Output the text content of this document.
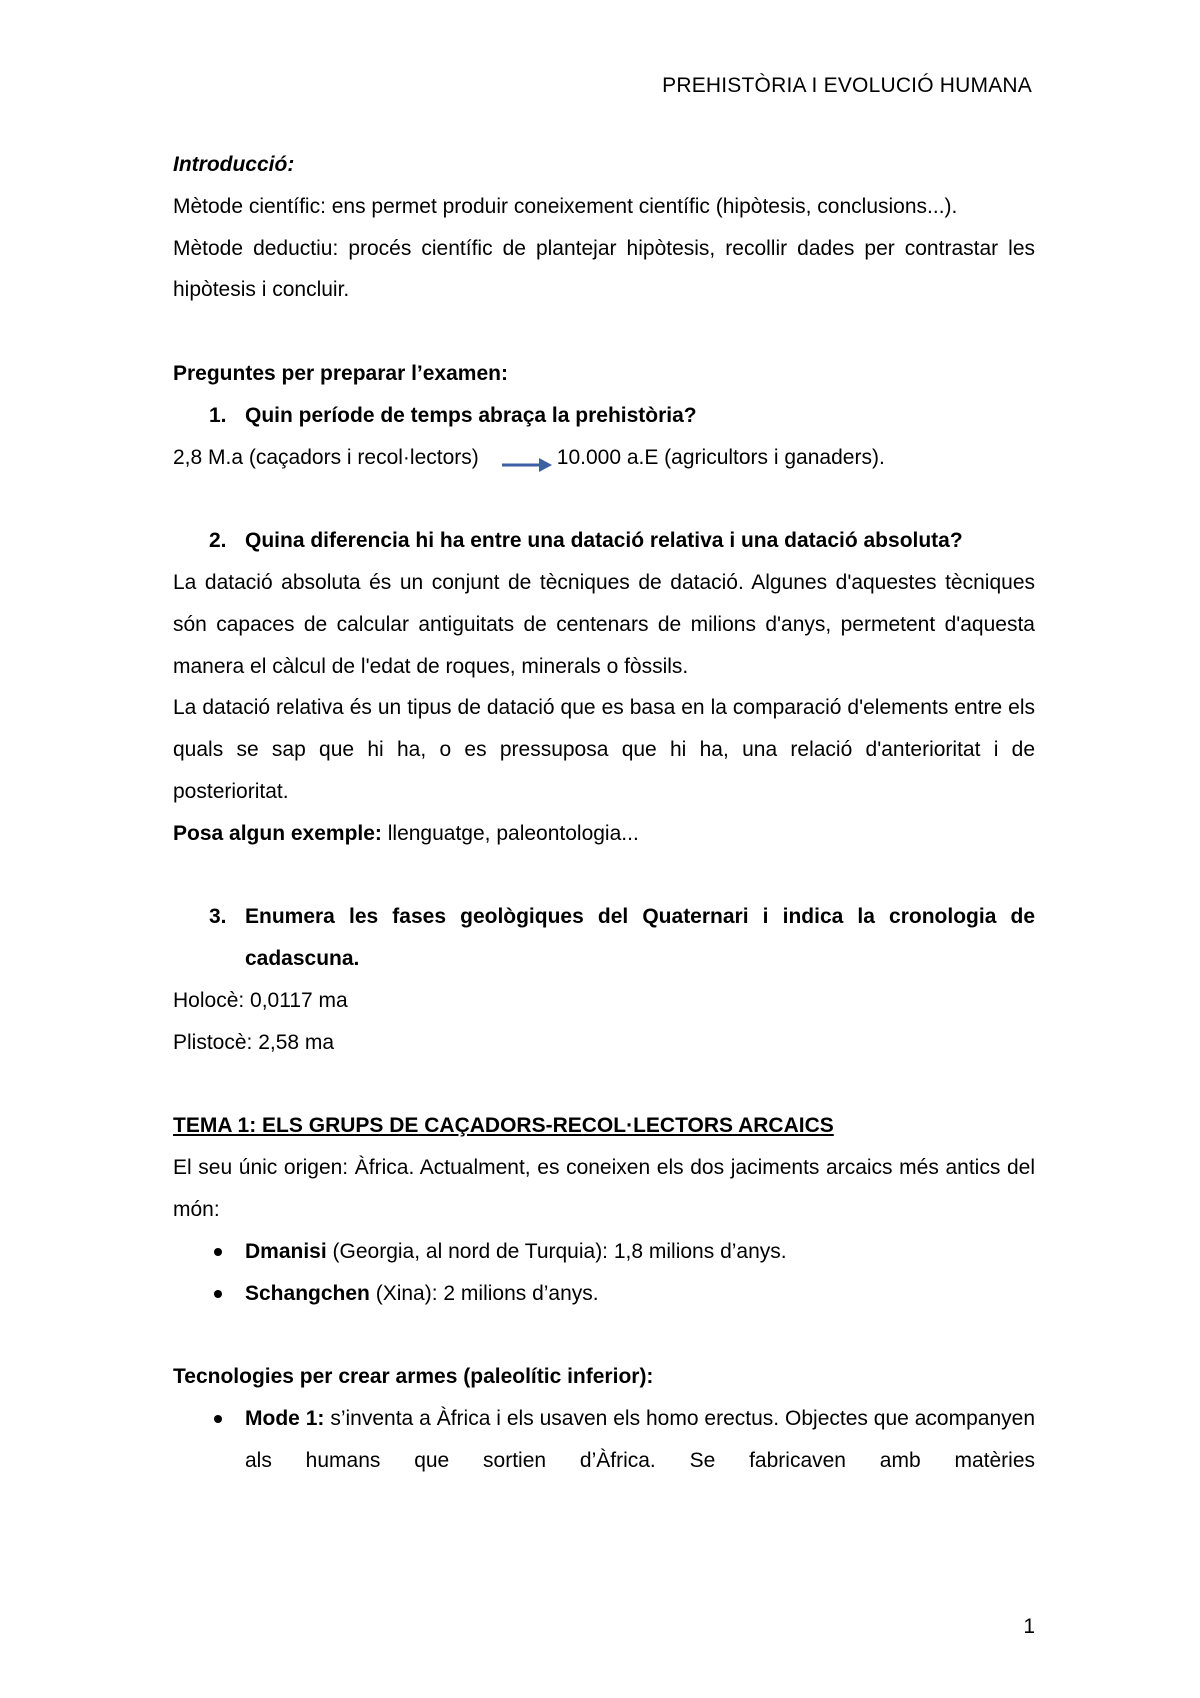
PREHISTÒRIA I EVOLUCIÓ HUMANA

Introducció:

Mètode científic: ens permet produir coneixement científic (hipòtesis, conclusions...).

Mètode deductiu: procés científic de plantejar hipòtesis, recollir dades per contrastar les hipòtesis i concluir.

Preguntes per preparar l’examen:

1. Quin període de temps abraça la prehistòria?

2,8 M.a (caçadors i recol·lectors)	10.000 a.E (agricultors i ganaders).

2. Quina diferencia hi ha entre una datació relativa i una datació absoluta?

La datació absoluta és un conjunt de tècniques de datació. Algunes d'aquestes tècniques són capaces de calcular antiguitats de centenars de milions d'anys, permetent d'aquesta manera el càlcul de l'edat de roques, minerals o fòssils.

La datació relativa és un tipus de datació que es basa en la comparació d'elements entre els quals se sap que hi ha, o es pressuposa que hi ha, una relació d'anterioritat i de posterioritat.

Posa algun exemple: llenguatge, paleontologia...

3. Enumera les fases geològiques del Quaternari i indica la cronologia de cadascuna.

Holocè: 0,0117 ma

Plistocè: 2,58 ma

TEMA 1: ELS GRUPS DE CAÇADORS-RECOL·LECTORS ARCAICS

El seu únic origen: Àfrica. Actualment, es coneixen els dos jaciments arcaics més antics del món:

Dmanisi (Georgia, al nord de Turquia): 1,8 milions d’anys.
Schangchen (Xina): 2 milions d’anys.

Tecnologies per crear armes (paleolític inferior):

Mode 1: s’inventa a Àfrica i els usaven els homo erectus. Objectes que acompanyen als humans que sortien d’Àfrica. Se fabricaven amb matèries
1
